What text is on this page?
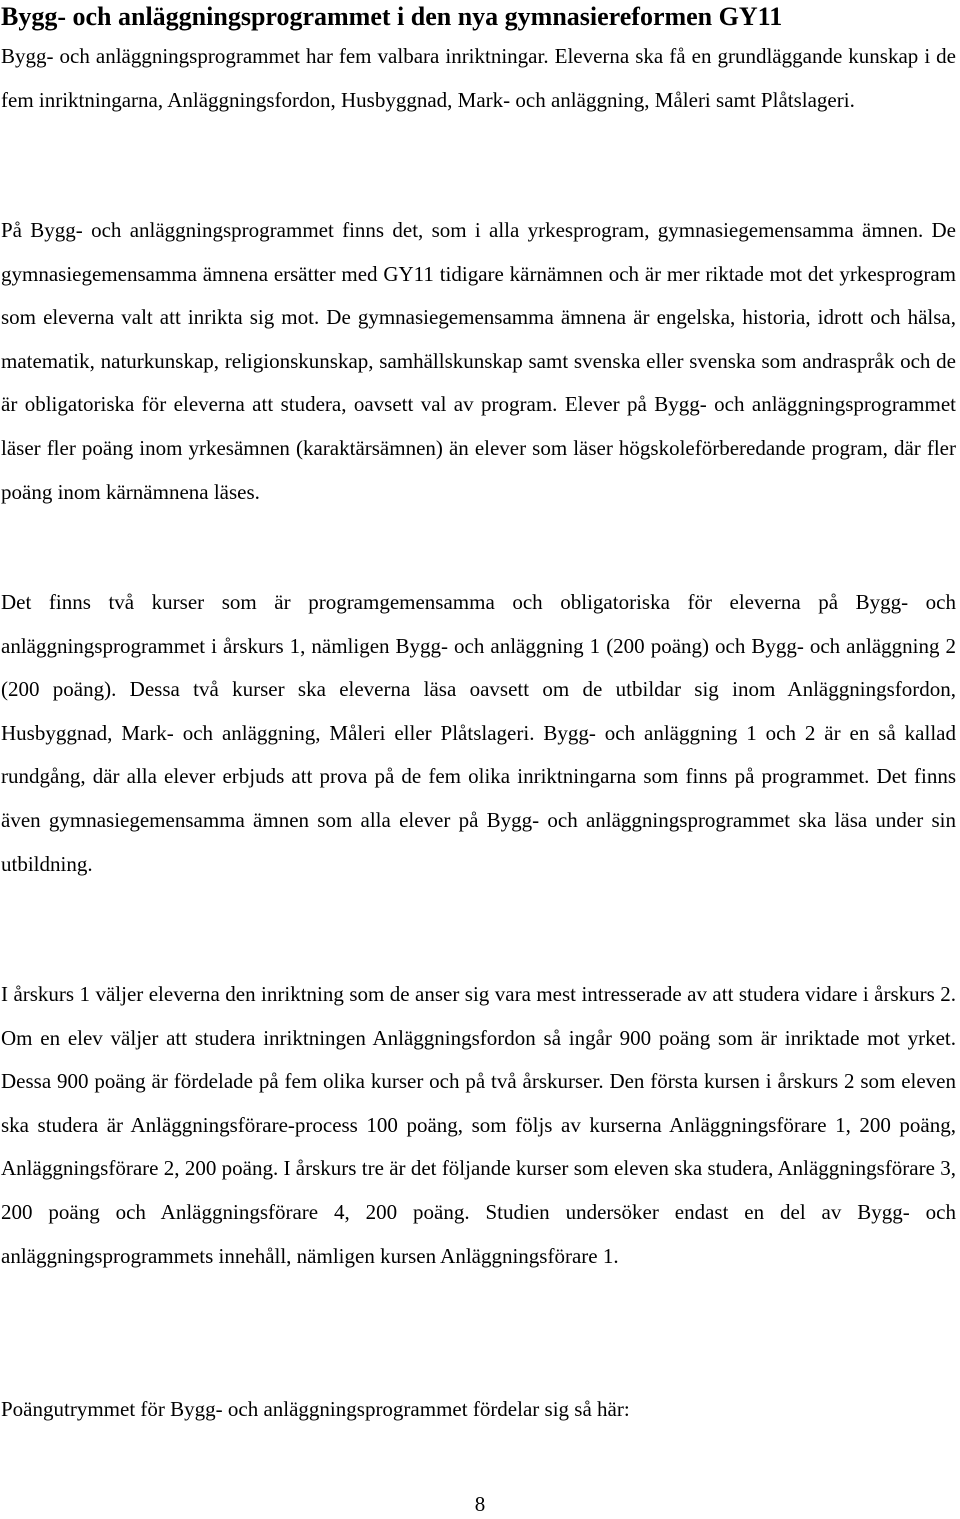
Bygg- och anläggningsprogrammet i den nya gymnasiereformen GY11

Bygg- och anläggningsprogrammet har fem valbara inriktningar. Eleverna ska få en grundläggande kunskap i de fem inriktningarna, Anläggningsfordon, Husbyggnad, Mark- och anläggning, Måleri samt Plåtslageri.

På Bygg- och anläggningsprogrammet finns det, som i alla yrkesprogram, gymnasiegemensamma ämnen. De gymnasiegemensamma ämnena ersätter med GY11 tidigare kärnämnen och är mer riktade mot det yrkesprogram som eleverna valt att inrikta sig mot. De gymnasiegemensamma ämnena är engelska, historia, idrott och hälsa, matematik, naturkunskap, religionskunskap, samhällskunskap samt svenska eller svenska som andraspråk och de är obligatoriska för eleverna att studera, oavsett val av program. Elever på Bygg- och anläggningsprogrammet läser fler poäng inom yrkesämnen (karaktärsämnen) än elever som läser högskoleförberedande program, där fler poäng inom kärnämnena läses.

Det finns två kurser som är programgemensamma och obligatoriska för eleverna på Bygg- och anläggningsprogrammet i årskurs 1, nämligen Bygg- och anläggning 1 (200 poäng) och Bygg- och anläggning 2 (200 poäng). Dessa två kurser ska eleverna läsa oavsett om de utbildar sig inom Anläggningsfordon, Husbyggnad, Mark- och anläggning, Måleri eller Plåtslageri. Bygg- och anläggning 1 och 2 är en så kallad rundgång, där alla elever erbjuds att prova på de fem olika inriktningarna som finns på programmet. Det finns även gymnasiegemensamma ämnen som alla elever på Bygg- och anläggningsprogrammet ska läsa under sin utbildning.

I årskurs 1 väljer eleverna den inriktning som de anser sig vara mest intresserade av att studera vidare i årskurs 2. Om en elev väljer att studera inriktningen Anläggningsfordon så ingår 900 poäng som är inriktade mot yrket. Dessa 900 poäng är fördelade på fem olika kurser och på två årskurser. Den första kursen i årskurs 2 som eleven ska studera är Anläggningsförare-process 100 poäng, som följs av kurserna Anläggningsförare 1, 200 poäng, Anläggningsförare 2, 200 poäng. I årskurs tre är det följande kurser som eleven ska studera, Anläggningsförare 3, 200 poäng och Anläggningsförare 4, 200 poäng. Studien undersöker endast en del av Bygg- och anläggningsprogrammets innehåll, nämligen kursen Anläggningsförare 1.

Poängutrymmet för Bygg- och anläggningsprogrammet fördelar sig så här:

8
